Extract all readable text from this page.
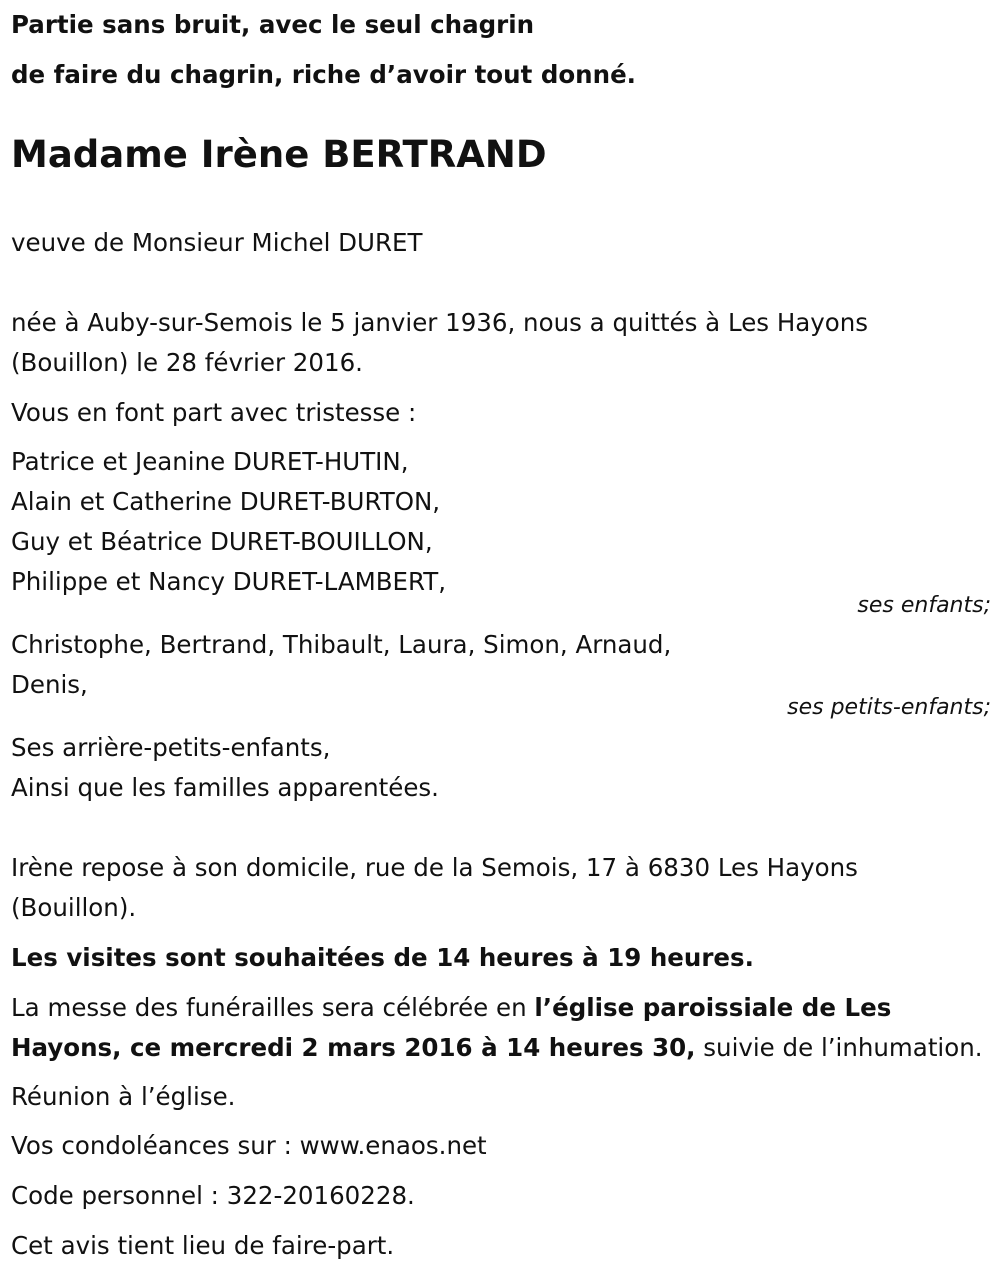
Partie sans bruit, avec le seul chagrin
de faire du chagrin, riche d’avoir tout donné.
Madame Irène BERTRAND
veuve de Monsieur Michel DURET
née à Auby-sur-Semois le 5 janvier 1936, nous a quittés à Les Hayons
(Bouillon) le 28 février 2016.
Vous en font part avec tristesse :
Patrice et Jeanine DURET-HUTIN,
Alain et Catherine DURET-BURTON,
Guy et Béatrice DURET-BOUILLON,
Philippe et Nancy DURET-LAMBERT,
ses enfants;
Christophe, Bertrand, Thibault, Laura, Simon, Arnaud,
Denis,
ses petits-enfants;
Ses arrière-petits-enfants,
Ainsi que les familles apparentées.
Irène repose à son domicile, rue de la Semois, 17 à 6830 Les Hayons
(Bouillon).
Les visites sont souhaitées de 14 heures à 19 heures.
La messe des funérailles sera célébrée en l’église paroissiale de Les
Hayons, ce mercredi 2 mars 2016 à 14 heures 30, suivie de l’inhumation.
Réunion à l’église.
Vos condoléances sur : www.enaos.net
Code personnel : 322-20160228.
Cet avis tient lieu de faire-part.
